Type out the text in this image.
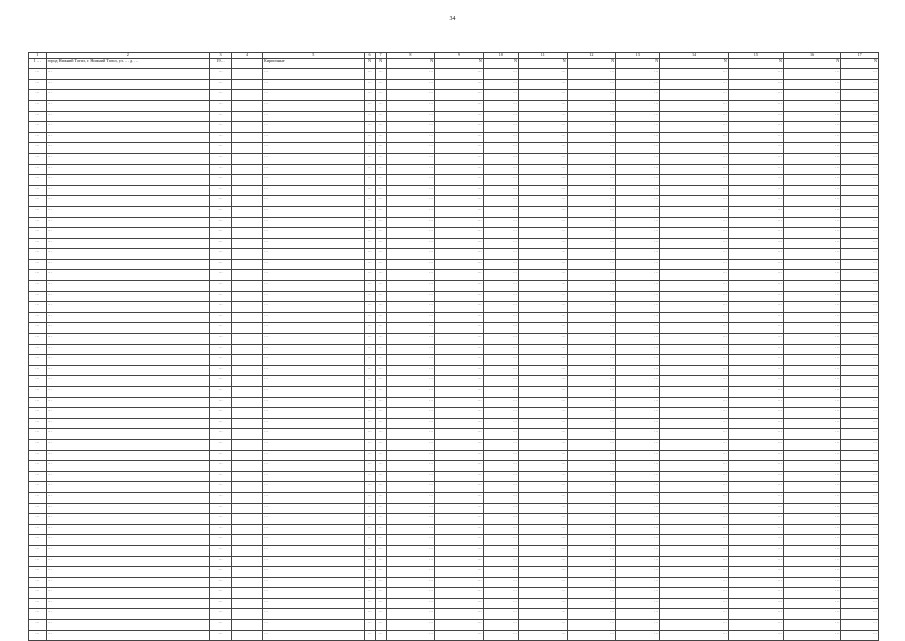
34
1	2	3	4	5	6	7	8	9	10	11	12	13	14	15	16	17
1 …	город Нижний Тагил, г. Нижний Тагил, ул. … д. …	19…		Кирпичные	N	N	N	N	N	N	N	N	N	N	N	N
…	…	…		…	…	…	…	…	…	…	…	…	…	…	…	…
…	…	…		…	…	…	…	…	…	…	…	…	…	…	…	…
…	…	…		…	…	…	…	…	…	…	…	…	…	…	…	…
…	…	…		…	…	…	…	…	…	…	…	…	…	…	…	…
…	…	…		…	…	…	…	…	…	…	…	…	…	…	…	…
…	…	…		…	…	…	…	…	…	…	…	…	…	…	…	…
…	…	…		…	…	…	…	…	…	…	…	…	…	…	…	…
…	…	…		…	…	…	…	…	…	…	…	…	…	…	…	…
…	…	…		…	…	…	…	…	…	…	…	…	…	…	…	…
…	…	…		…	…	…	…	…	…	…	…	…	…	…	…	…
…	…	…		…	…	…	…	…	…	…	…	…	…	…	…	…
…	…	…		…	…	…	…	…	…	…	…	…	…	…	…	…
…	…	…		…	…	…	…	…	…	…	…	…	…	…	…	…
…	…	…		…	…	…	…	…	…	…	…	…	…	…	…	…
…	…	…		…	…	…	…	…	…	…	…	…	…	…	…	…
…	…	…		…	…	…	…	…	…	…	…	…	…	…	…	…
…	…	…		…	…	…	…	…	…	…	…	…	…	…	…	…
…	…	…		…	…	…	…	…	…	…	…	…	…	…	…	…
…	…	…		…	…	…	…	…	…	…	…	…	…	…	…	…
…	…	…		…	…	…	…	…	…	…	…	…	…	…	…	…
…	…	…		…	…	…	…	…	…	…	…	…	…	…	…	…
…	…	…		…	…	…	…	…	…	…	…	…	…	…	…	…
…	…	…		…	…	…	…	…	…	…	…	…	…	…	…	…
…	…	…		…	…	…	…	…	…	…	…	…	…	…	…	…
…	…	…		…	…	…	…	…	…	…	…	…	…	…	…	…
…	…	…		…	…	…	…	…	…	…	…	…	…	…	…	…
…	…	…		…	…	…	…	…	…	…	…	…	…	…	…	…
…	…	…		…	…	…	…	…	…	…	…	…	…	…	…	…
…	…	…		…	…	…	…	…	…	…	…	…	…	…	…	…
…	…	…		…	…	…	…	…	…	…	…	…	…	…	…	…
…	…	…		…	…	…	…	…	…	…	…	…	…	…	…	…
…	…	…		…	…	…	…	…	…	…	…	…	…	…	…	…
…	…	…		…	…	…	…	…	…	…	…	…	…	…	…	…
…	…	…		…	…	…	…	…	…	…	…	…	…	…	…	…
…	…	…		…	…	…	…	…	…	…	…	…	…	…	…	…
…	…	…		…	…	…	…	…	…	…	…	…	…	…	…	…
…	…	…		…	…	…	…	…	…	…	…	…	…	…	…	…
…	…	…		…	…	…	…	…	…	…	…	…	…	…	…	…
…	…	…		…	…	…	…	…	…	…	…	…	…	…	…	…
…	…	…		…	…	…	…	…	…	…	…	…	…	…	…	…
…	…	…		…	…	…	…	…	…	…	…	…	…	…	…	…
…	…	…		…	…	…	…	…	…	…	…	…	…	…	…	…
…	…	…		…	…	…	…	…	…	…	…	…	…	…	…	…
…	…	…		…	…	…	…	…	…	…	…	…	…	…	…	…
…	…	…		…	…	…	…	…	…	…	…	…	…	…	…	…
…	…	…		…	…	…	…	…	…	…	…	…	…	…	…	…
…	…	…		…	…	…	…	…	…	…	…	…	…	…	…	…
…	…	…		…	…	…	…	…	…	…	…	…	…	…	…	…
…	…	…		…	…	…	…	…	…	…	…	…	…	…	…	…
…	…	…		…	…	…	…	…	…	…	…	…	…	…	…	…
…	…	…		…	…	…	…	…	…	…	…	…	…	…	…	…
…	…	…		…	…	…	…	…	…	…	…	…	…	…	…	…
…	…	…		…	…	…	…	…	…	…	…	…	…	…	…	…
…	…	…		…	…	…	…	…	…	…	…	…	…	…	…	…
